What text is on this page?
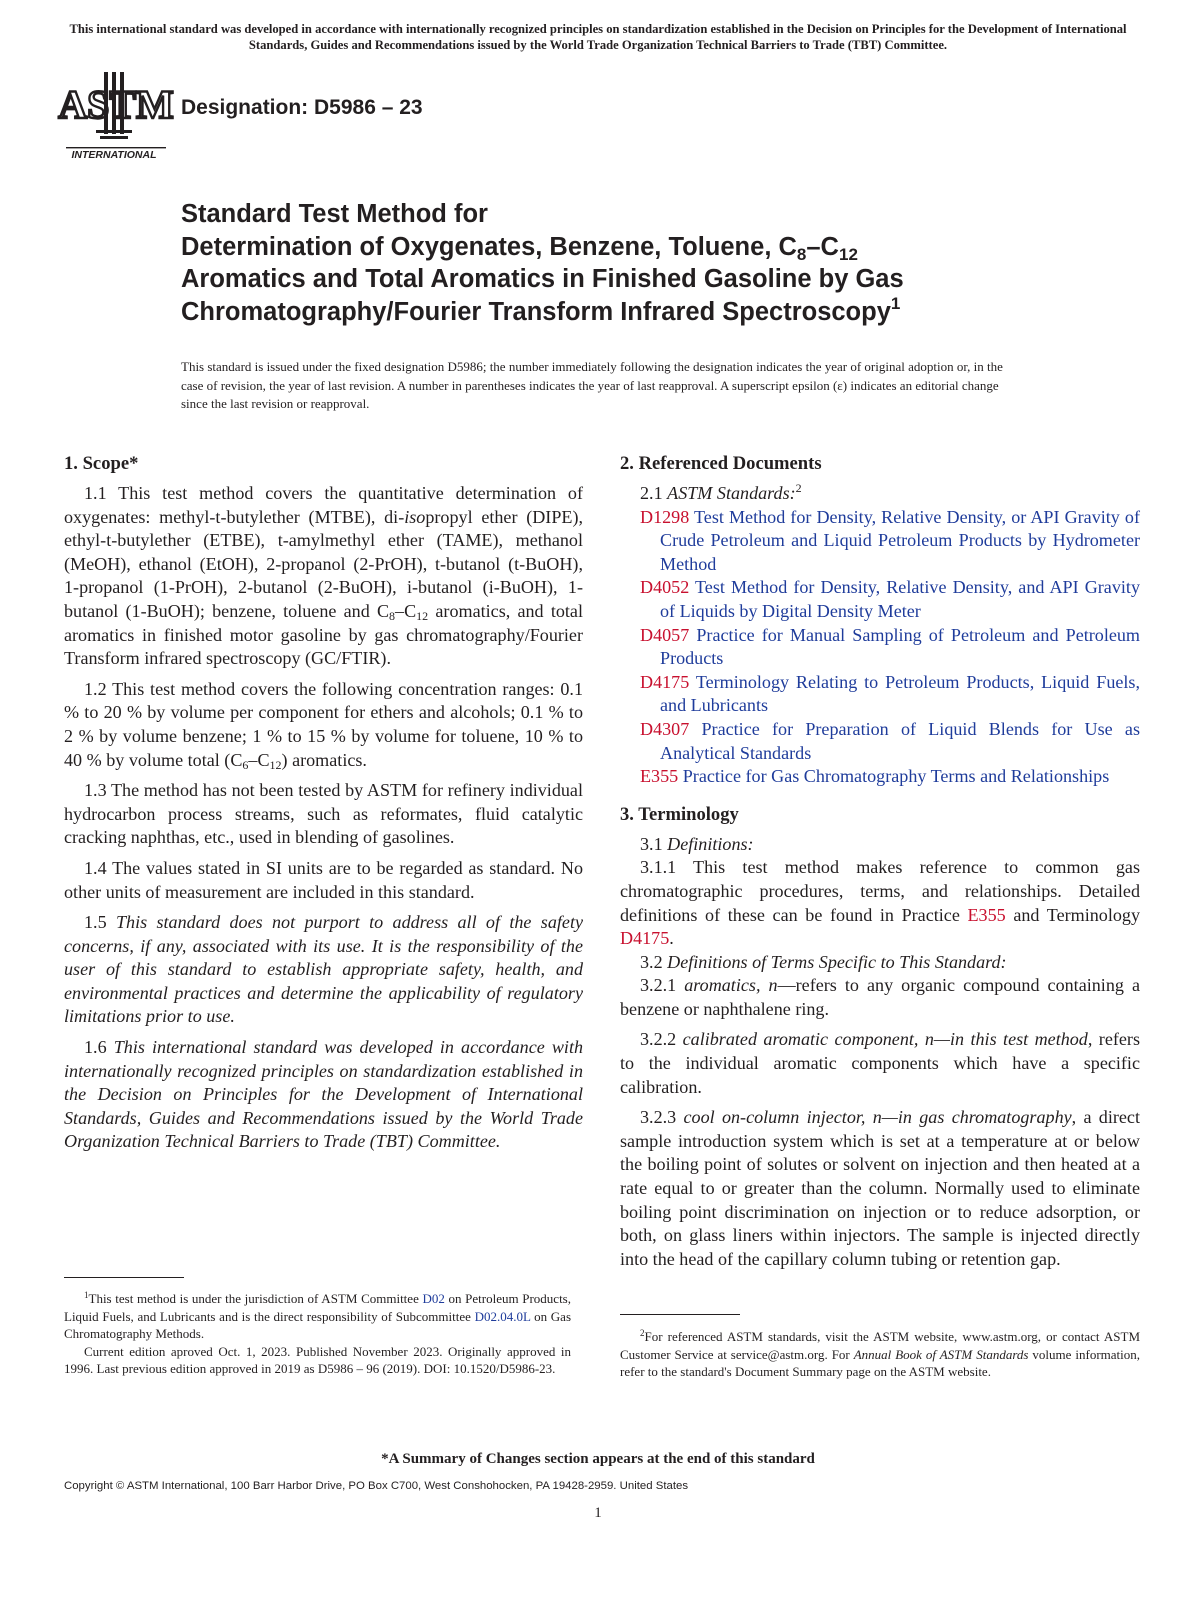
This international standard was developed in accordance with internationally recognized principles on standardization established in the Decision on Principles for the Development of International Standards, Guides and Recommendations issued by the World Trade Organization Technical Barriers to Trade (TBT) Committee.
ASTM
INTERNATIONAL
Designation: D5986 – 23
Standard Test Method for
Determination of Oxygenates, Benzene, Toluene, $C_8-C_{12}$
Aromatics and Total Aromatics in Finished Gasoline by Gas
Chromatography/Fourier Transform Infrared Spectroscopy$^1$
This standard is issued under the fixed designation D5986; the number immediately following the designation indicates the year of original adoption or, in the case of revision, the year of last revision. A number in parentheses indicates the year of last reapproval. A superscript epsilon (ε) indicates an editorial change since the last revision or reapproval.
1. Scope*

1.1 This test method covers the quantitative determination of oxygenates: methyl-t-butylether (MTBE), di-isopropyl ether (DIPE), ethyl-t-butylether (ETBE), t-amylmethyl ether (TAME), methanol (MeOH), ethanol (EtOH), 2-propanol (2-PrOH), t-butanol (t-BuOH), 1-propanol (1-PrOH), 2-butanol (2-BuOH), i-butanol (i-BuOH), 1-butanol (1-BuOH); benzene, toluene and $C_8-C_{12}$ aromatics, and total aromatics in finished motor gasoline by gas chromatography/Fourier Transform infrared spectroscopy (GC/FTIR).

1.2 This test method covers the following concentration ranges: 0.1 % to 20 % by volume per component for ethers and alcohols; 0.1 % to 2 % by volume benzene; 1 % to 15 % by volume for toluene, 10 % to 40 % by volume total $(C_6-C_{12})$ aromatics.

1.3 The method has not been tested by ASTM for refinery individual hydrocarbon process streams, such as reformates, fluid catalytic cracking naphthas, etc., used in blending of gasolines.

1.4 The values stated in SI units are to be regarded as standard. No other units of measurement are included in this standard.

1.5 This standard does not purport to address all of the safety concerns, if any, associated with its use. It is the responsibility of the user of this standard to establish appropriate safety, health, and environmental practices and determine the applicability of regulatory limitations prior to use.

1.6 This international standard was developed in accordance with internationally recognized principles on standardization established in the Decision on Principles for the Development of International Standards, Guides and Recommendations issued by the World Trade Organization Technical Barriers to Trade (TBT) Committee.

$^1$This test method is under the jurisdiction of ASTM Committee D02 on Petroleum Products, Liquid Fuels, and Lubricants and is the direct responsibility of Subcommittee D02.04.0L on Gas Chromatography Methods.

Current edition aproved Oct. 1, 2023. Published November 2023. Originally approved in 1996. Last previous edition approved in 2019 as D5986 – 96 (2019). DOI: 10.1520/D5986-23.

2. Referenced Documents

2.1 ASTM Standards:$^2$

D1298 Test Method for Density, Relative Density, or API Gravity of Crude Petroleum and Liquid Petroleum Products by Hydrometer Method

D4052 Test Method for Density, Relative Density, and API Gravity of Liquids by Digital Density Meter

D4057 Practice for Manual Sampling of Petroleum and Petroleum Products

D4175 Terminology Relating to Petroleum Products, Liquid Fuels, and Lubricants

D4307 Practice for Preparation of Liquid Blends for Use as Analytical Standards

E355 Practice for Gas Chromatography Terms and Relationships

3. Terminology

3.1 Definitions:

3.1.1 This test method makes reference to common gas chromatographic procedures, terms, and relationships. Detailed definitions of these can be found in Practice E355 and Terminology D4175.

3.2 Definitions of Terms Specific to This Standard:

3.2.1 aromatics, n—refers to any organic compound containing a benzene or naphthalene ring.

3.2.2 calibrated aromatic component, n—in this test method, refers to the individual aromatic components which have a specific calibration.

3.2.3 cool on-column injector, n—in gas chromatography, a direct sample introduction system which is set at a temperature at or below the boiling point of solutes or solvent on injection and then heated at a rate equal to or greater than the column. Normally used to eliminate boiling point discrimination on injection or to reduce adsorption, or both, on glass liners within injectors. The sample is injected directly into the head of the capillary column tubing or retention gap.

$^2$For referenced ASTM standards, visit the ASTM website, www.astm.org, or contact ASTM Customer Service at service@astm.org. For Annual Book of ASTM Standards volume information, refer to the standard's Document Summary page on the ASTM website.

*A Summary of Changes section appears at the end of this standard
Copyright © ASTM International, 100 Barr Harbor Drive, PO Box C700, West Conshohocken, PA 19428-2959. United States
1
